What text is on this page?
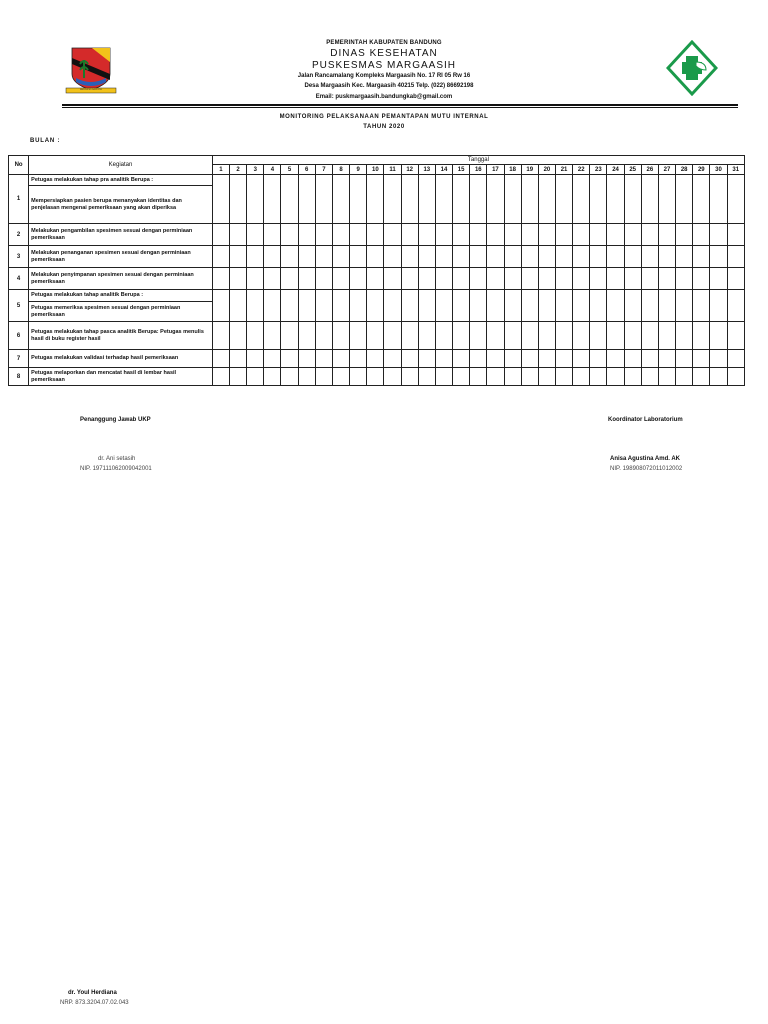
KABUPATEN BANDUNG
PEMERINTAH KABUPATEN BANDUNG
DINAS KESEHATAN
PUSKESMAS MARGAASIH
Jalan Rancamalang Kompleks Margaasih No. 17 RI 05 Rw 16
Desa Margaasih Kec. Margaasih 40215 Telp. (022) 86692198
Email: puskmargaasih.bandungkab@gmail.com
MONITORING PELAKSANAAN PEMANTAPAN MUTU INTERNAL
TAHUN 2020
BULAN :
No	Kegiatan	Tanggal																														
		1	2	3	4	5	6	7	8	9	10	11	12	13	14	15	16	17	18	19	20	21	22	23	24	25	26	27	28	29	30	31
1	Petugas melakukan tahap pra analitik Berupa :																															
	Mempersiapkan pasien berupa menanyakan identitas dan penjelasan mengenai pemeriksaan yang akan diperiksa																															
2	Melakukan pengambilan spesimen sesuai dengan perminiaan pemeriksaan																															
3	Melakukan penanganan spesimen sesuai dengan perminiaan pemeriksaan																															
4	Melakukan penyimpanan spesimen sesuai dengan perminiaan pemeriksaan																															
5	Petugas melakukan tahap analitik Berupa :																															
	Petugas memeriksa spesimen sesuai dengan perminiaan pemeriksaan																															
6	Petugas melakukan tahap pasca analitik Berupa: Petugas menulis hasil di buku register hasil																															
7	Petugas melakukan validasi terhadap hasil pemeriksaan																															
8	Petugas melaporkan dan mencatat hasil di lembar hasil pemeriksaan																															
Penanggung Jawab UKP
dr. Ani setasih
NIP. 197111062009042001
Koordinator Laboratorium
Anisa Agustina Amd. AK
NIP. 198908072011012002
dr. Youl Herdiana
NRP. 873.3204.07.02.043
